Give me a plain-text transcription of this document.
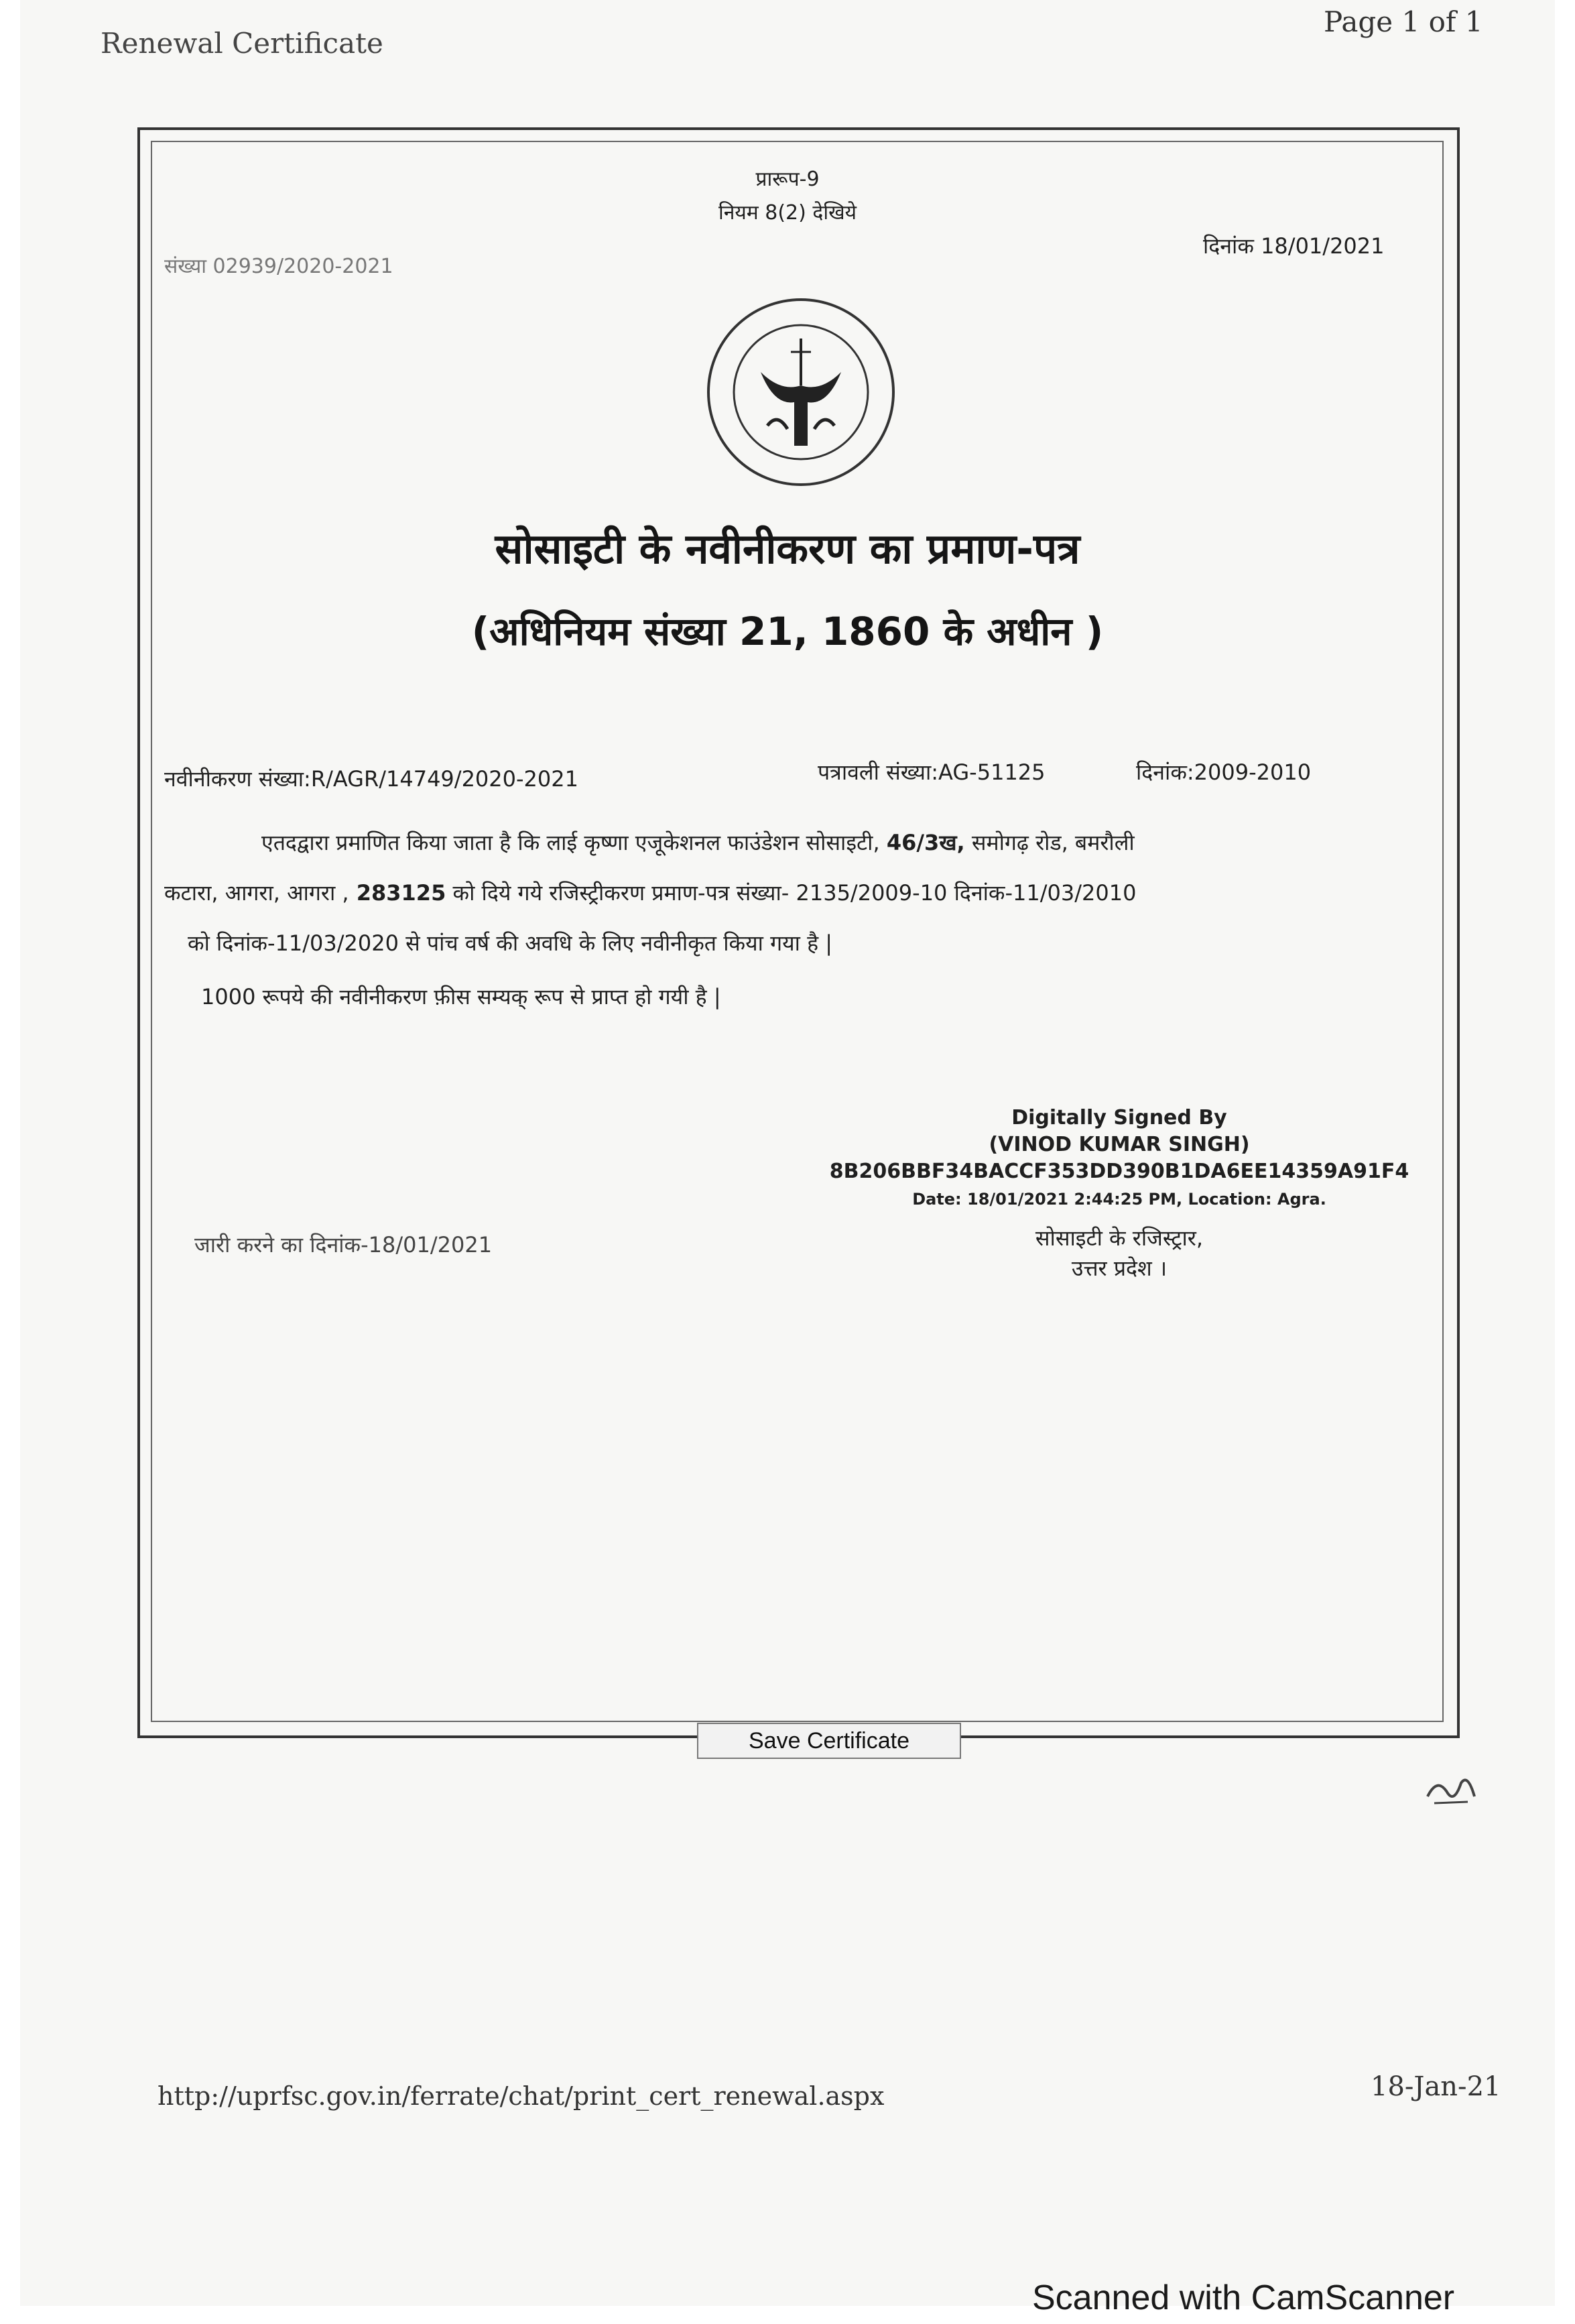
Renewal Certificate
Page 1 of 1
प्रारूप-9
नियम 8(2) देखिये
संख्या 02939/2020-2021
दिनांक 18/01/2021
सोसाइटी के नवीनीकरण का प्रमाण-पत्र
(अधिनियम संख्या 21, 1860 के अधीन )
नवीनीकरण संख्या:R/AGR/14749/2020-2021	पत्रावली संख्या:AG-51125	दिनांक:2009-2010
एतदद्वारा प्रमाणित किया जाता है कि लाई कृष्णा एजूकेशनल फाउंडेशन सोसाइटी, 46/3ख, समोगढ़ रोड, बमरौली
कटारा, आगरा, आगरा , 283125 को दिये गये रजिस्ट्रीकरण प्रमाण-पत्र संख्या- 2135/2009-10 दिनांक-11/03/2010
को दिनांक-11/03/2020 से पांच वर्ष की अवधि के लिए नवीनीकृत किया गया है |
1000 रूपये की नवीनीकरण फ़ीस सम्यक् रूप से प्राप्त हो गयी है |
Digitally Signed By
(VINOD KUMAR SINGH)
8B206BBF34BACCF353DD390B1DA6EE14359A91F4
Date: 18/01/2021 2:44:25 PM, Location: Agra.
सोसाइटी के रजिस्ट्रार,
उत्तर प्रदेश ।
जारी करने का दिनांक-18/01/2021
Save Certificate
http://uprfsc.gov.in/ferrate/chat/print_cert_renewal.aspx	18-Jan-21
Scanned with CamScanner
